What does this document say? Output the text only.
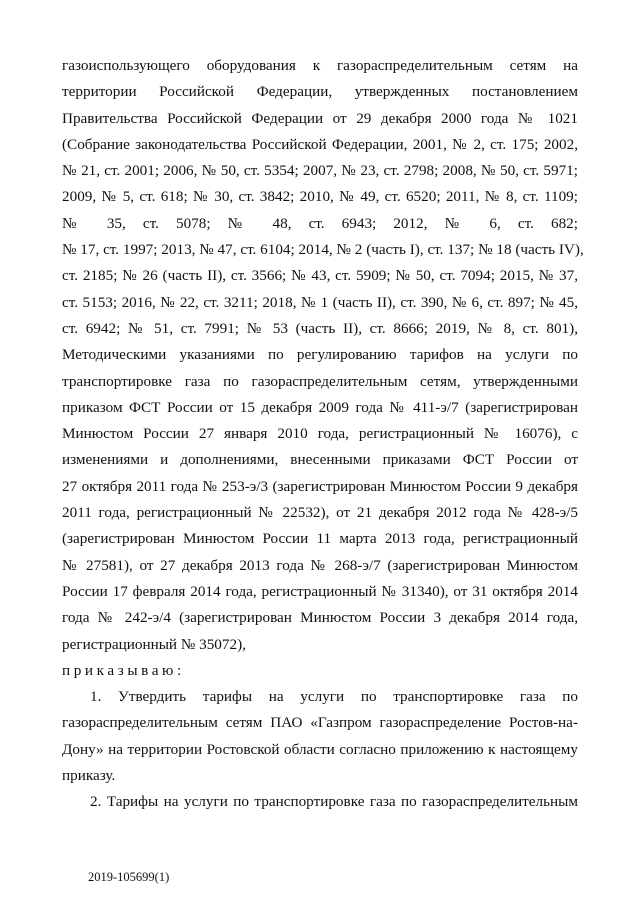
газоиспользующего оборудования к газораспределительным сетям на
территории Российской Федерации, утвержденных постановлением
Правительства Российской Федерации от 29 декабря 2000 года № 1021
(Собрание законодательства Российской Федерации, 2001, № 2, ст. 175; 2002,
№ 21, ст. 2001; 2006, № 50, ст. 5354; 2007, № 23, ст. 2798; 2008, № 50, ст. 5971;
2009, № 5, ст. 618; № 30, ст. 3842; 2010, № 49, ст. 6520; 2011, № 8, ст. 1109;
№ 35, ст. 5078; № 48, ст. 6943; 2012, № 6, ст. 682;
№ 17, ст. 1997; 2013, № 47, ст. 6104; 2014, № 2 (часть I), ст. 137; № 18 (часть IV),
ст. 2185; № 26 (часть II), ст. 3566; № 43, ст. 5909; № 50, ст. 7094; 2015, № 37,
ст. 5153; 2016, № 22, ст. 3211; 2018, № 1 (часть II), ст. 390, № 6, ст. 897; № 45,
ст. 6942; № 51, ст. 7991; № 53 (часть II), ст. 8666; 2019, № 8, ст. 801),
Методическими указаниями по регулированию тарифов на услуги по
транспортировке газа по газораспределительным сетям, утвержденными
приказом ФСТ России от 15 декабря 2009 года № 411-э/7 (зарегистрирован
Минюстом России 27 января 2010 года, регистрационный № 16076), с
изменениями и дополнениями, внесенными приказами ФСТ России от
27 октября 2011 года № 253-э/3 (зарегистрирован Минюстом России 9 декабря
2011 года, регистрационный № 22532), от 21 декабря 2012 года № 428-э/5
(зарегистрирован Минюстом России 11 марта 2013 года, регистрационный
№ 27581), от 27 декабря 2013 года № 268-э/7 (зарегистрирован Минюстом
России 17 февраля 2014 года, регистрационный № 31340), от 31 октября 2014
года № 242-э/4 (зарегистрирован Минюстом России 3 декабря 2014 года,
регистрационный № 35072),
приказываю:
1. Утвердить тарифы на услуги по транспортировке газа по
газораспределительным сетям ПАО «Газпром газораспределение Ростов-на-
Дону» на территории Ростовской области согласно приложению к настоящему
приказу.
2. Тарифы на услуги по транспортировке газа по газораспределительным
2019-105699(1)
